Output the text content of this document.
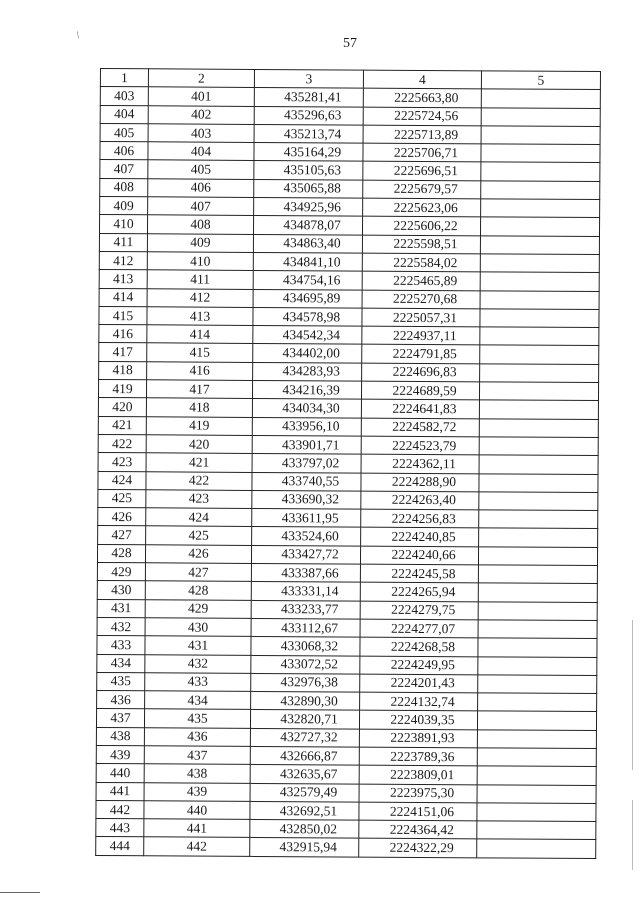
/
57
1	2	3	4	5
403	401	435281,41	2225663,80	
404	402	435296,63	2225724,56	
405	403	435213,74	2225713,89	
406	404	435164,29	2225706,71	
407	405	435105,63	2225696,51	
408	406	435065,88	2225679,57	
409	407	434925,96	2225623,06	
410	408	434878,07	2225606,22	
411	409	434863,40	2225598,51	
412	410	434841,10	2225584,02	
413	411	434754,16	2225465,89	
414	412	434695,89	2225270,68	
415	413	434578,98	2225057,31	
416	414	434542,34	2224937,11	
417	415	434402,00	2224791,85	
418	416	434283,93	2224696,83	
419	417	434216,39	2224689,59	
420	418	434034,30	2224641,83	
421	419	433956,10	2224582,72	
422	420	433901,71	2224523,79	
423	421	433797,02	2224362,11	
424	422	433740,55	2224288,90	
425	423	433690,32	2224263,40	
426	424	433611,95	2224256,83	
427	425	433524,60	2224240,85	
428	426	433427,72	2224240,66	
429	427	433387,66	2224245,58	
430	428	433331,14	2224265,94	
431	429	433233,77	2224279,75	
432	430	433112,67	2224277,07	
433	431	433068,32	2224268,58	
434	432	433072,52	2224249,95	
435	433	432976,38	2224201,43	
436	434	432890,30	2224132,74	
437	435	432820,71	2224039,35	
438	436	432727,32	2223891,93	
439	437	432666,87	2223789,36	
440	438	432635,67	2223809,01	
441	439	432579,49	2223975,30	
442	440	432692,51	2224151,06	
443	441	432850,02	2224364,42	
444	442	432915,94	2224322,29	
